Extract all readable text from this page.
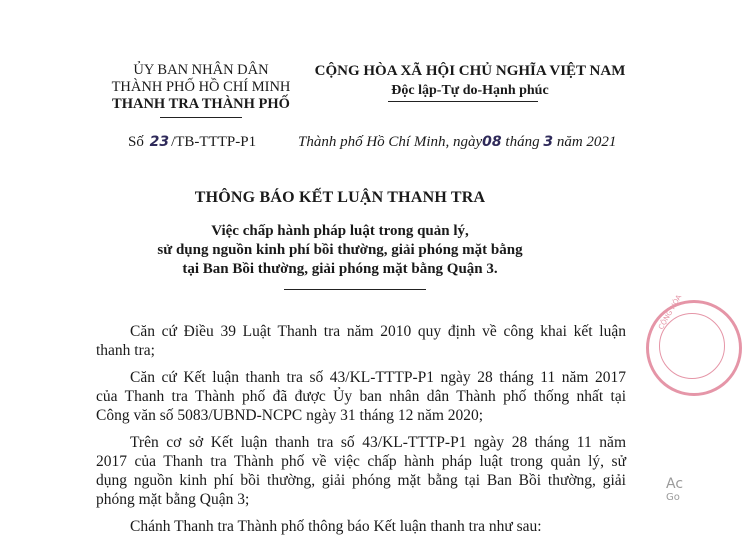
ỦY BAN NHÂN DÂN
THÀNH PHỐ HỒ CHÍ MINH
THANH TRA THÀNH PHỐ
CỘNG HÒA XÃ HỘI CHỦ NGHĨA VIỆT NAM
Độc lập-Tự do-Hạnh phúc
Số 23 /TB-TTTP-P1	Thành phố Hồ Chí Minh, ngày08 tháng 3 năm 2021
THÔNG BÁO KẾT LUẬN THANH TRA
Việc chấp hành pháp luật trong quản lý,
sử dụng nguồn kinh phí bồi thường, giải phóng mặt bằng
tại Ban Bồi thường, giải phóng mặt bằng Quận 3.
Căn cứ Điều 39 Luật Thanh tra năm 2010 quy định về công khai kết luận
thanh tra;
Căn cứ Kết luận thanh tra số 43/KL-TTTP-P1 ngày 28 tháng 11 năm 2017
của Thanh tra Thành phố đã được Ủy ban nhân dân Thành phố thống nhất tại
Công văn số 5083/UBND-NCPC ngày 31 tháng 12 năm 2020;
Trên cơ sở Kết luận thanh tra số 43/KL-TTTP-P1 ngày 28 tháng 11 năm
2017 của Thanh tra Thành phố về việc chấp hành pháp luật trong quản lý, sử
dụng nguồn kinh phí bồi thường, giải phóng mặt bằng tại Ban Bồi thường, giải
phóng mặt bằng Quận 3;
Chánh Thanh tra Thành phố thông báo Kết luận thanh tra như sau:
CỘNG HÒA
Ac
Go
